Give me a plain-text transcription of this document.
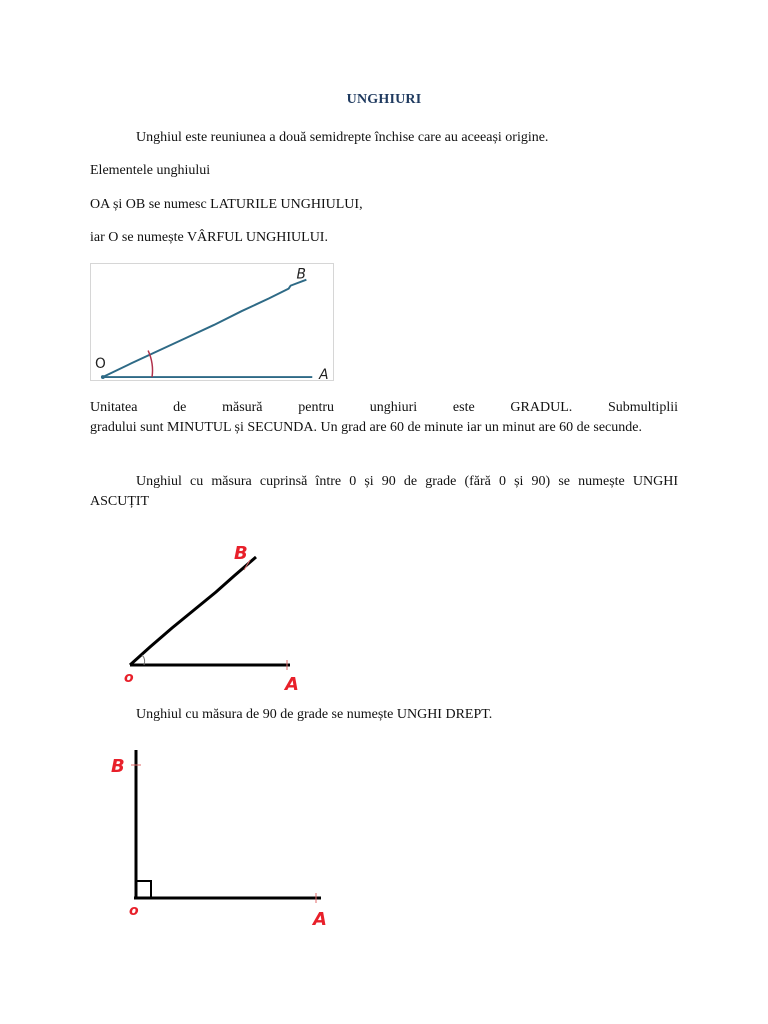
UNGHIURI

Unghiul este reuniunea a două semidrepte închise care au aceeași origine.

Elementele unghiului

OA și OB se numesc LATURILE UNGHIULUI,

iar O se numește VÂRFUL UNGHIULUI.

O
A
B

Unitatea de măsură pentru unghiuri este GRADUL. Submultiplii

gradului sunt MINUTUL și SECUNDA. Un grad are 60 de minute iar un minut are 60 de secunde.

Unghiul cu măsura cuprinsă între 0 și 90 de grade (fără 0 și 90) se numește UNGHI

ASCUȚIT

o	A
B

Unghiul cu măsura de 90 de grade se numește UNGHI DREPT.

o	A
B
